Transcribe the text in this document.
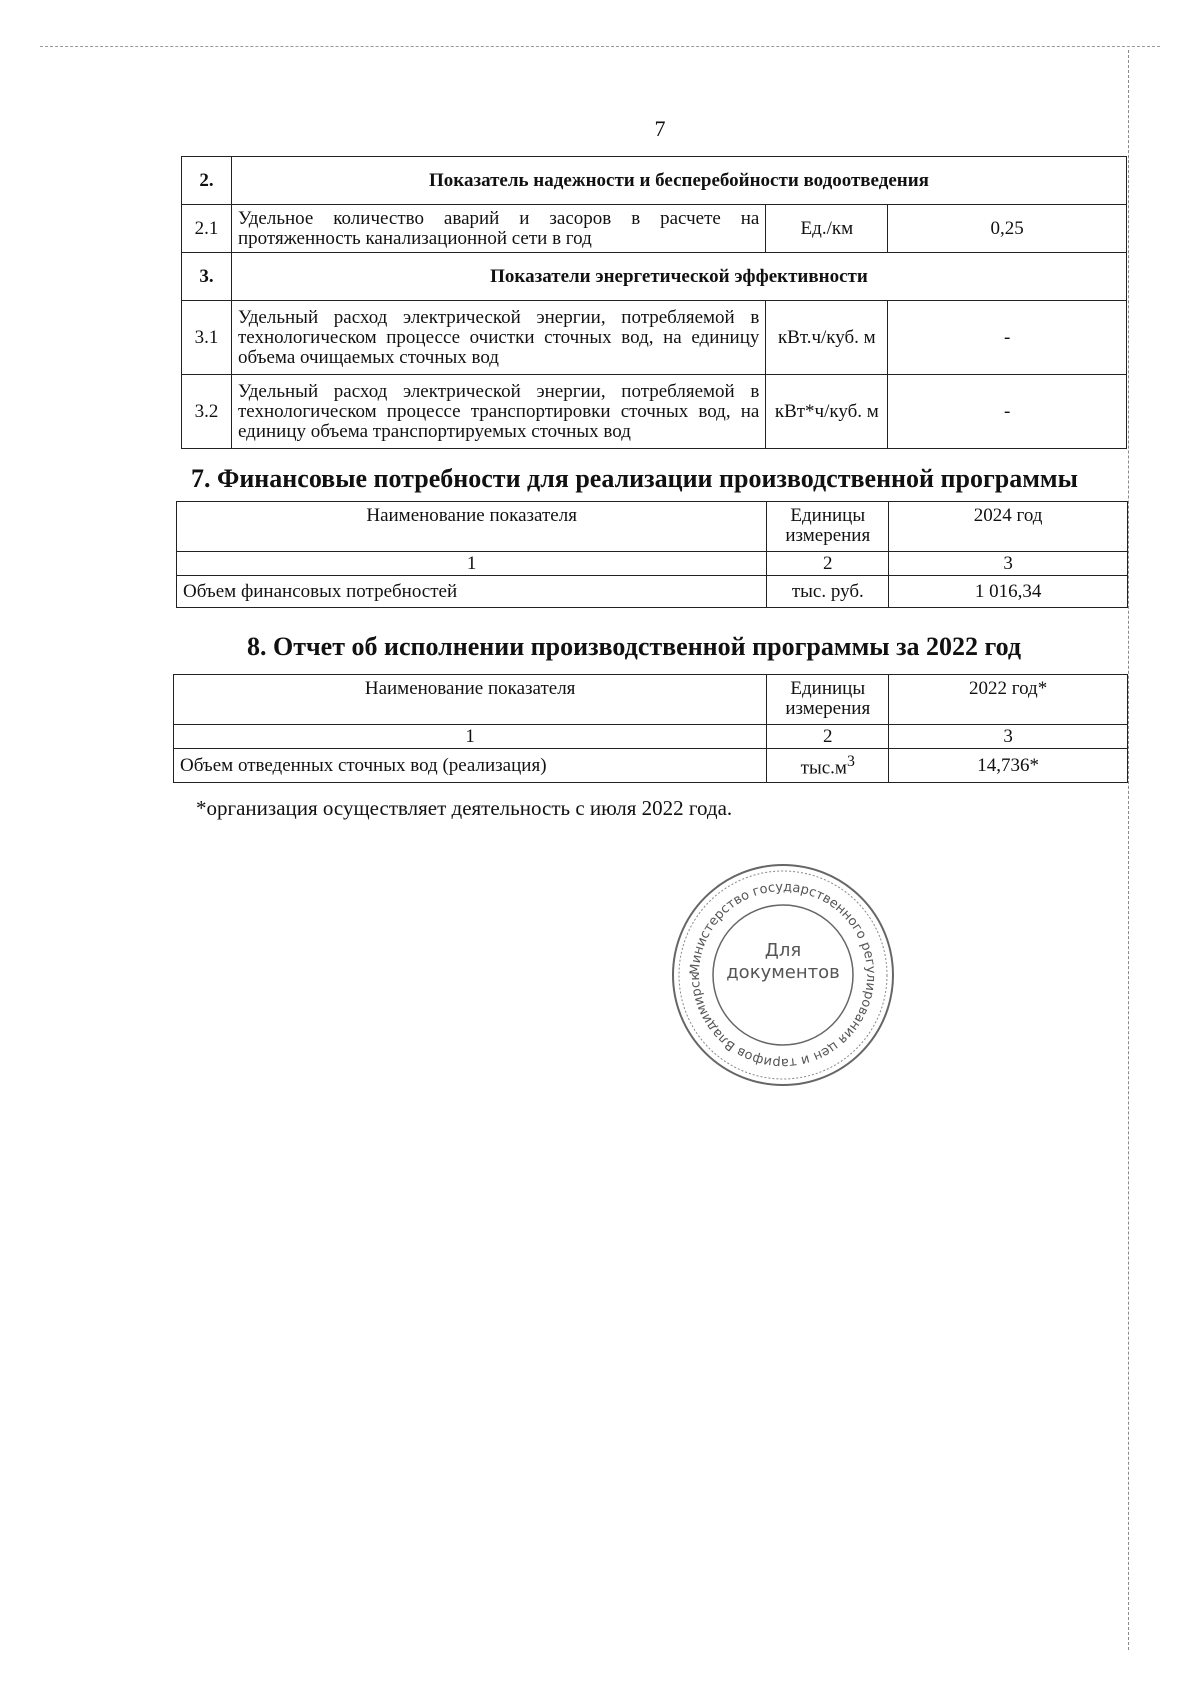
7
2.	Показатель надежности и бесперебойности водоотведения		
2.1	Удельное количество аварий и засоров в расчете на протяженность канализационной сети в год	Ед./км	0,25
3.	Показатели энергетической эффективности		
3.1	Удельный расход электрической энергии, потребляемой в технологическом процессе очистки сточных вод, на единицу объема очищаемых сточных вод	кВт.ч/куб. м	-
3.2	Удельный расход электрической энергии, потребляемой в технологическом процессе транспортировки сточных вод, на единицу объема транспортируемых сточных вод	кВт*ч/куб. м	-
7. Финансовые потребности для реализации производственной программы
Наименование показателя	Единицы измерения	2024 год
1	2	3
Объем финансовых потребностей	тыс. руб.	1 016,34
8. Отчет об исполнении производственной программы за 2022 год
Наименование показателя	Единицы измерения	2022 год*
1	2	3
Объем отведенных сточных вод (реализация)	$тыс.м^3$	14,736*
*организация осуществляет деятельность с июля 2022 года.
Министерство государственного регулирования цен и тарифов Владимирск
Для
документов
